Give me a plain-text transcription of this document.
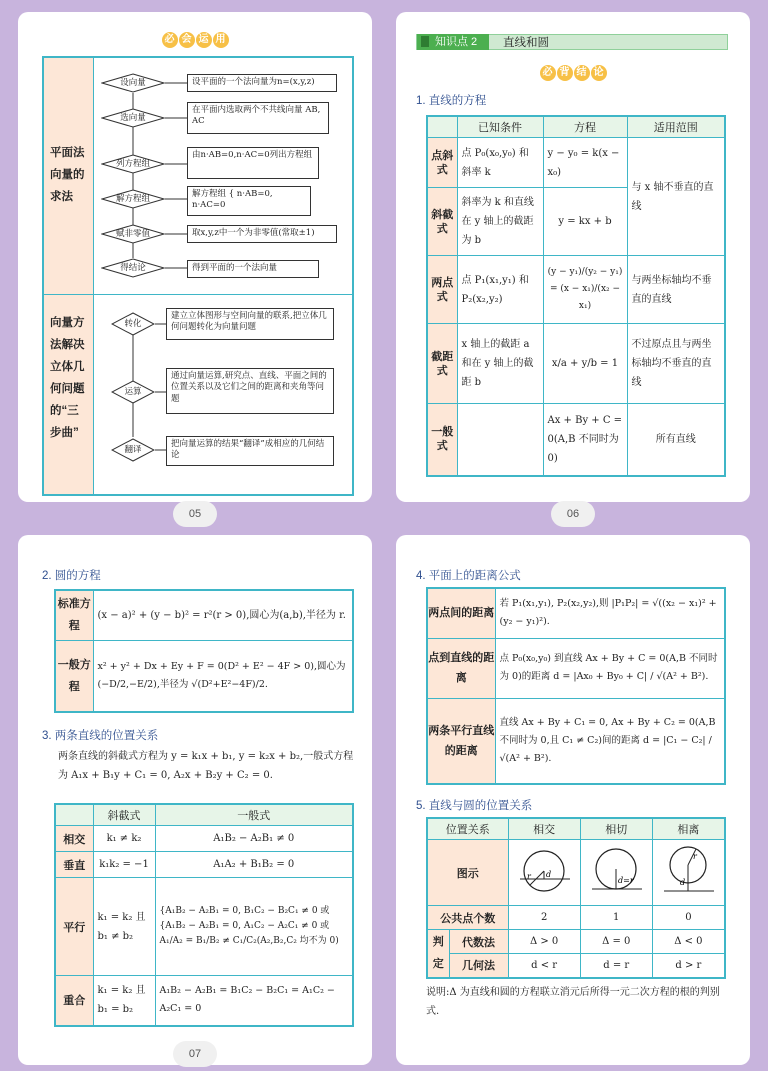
必 会 运 用
平面法向量的求法
向量方法解决立体几何问题的“三步曲”
设向量
选向量
列方程组
解方程组
赋非零值
得结论
设平面的一个法向量为n=(x,y,z)
在平面内选取两个不共线向量 AB, AC
由n·AB=0,n·AC=0列出方程组
解方程组 { n·AB=0, n·AC=0
取x,y,z中一个为非零值(常取±1)
得到平面的一个法向量
转化
运算
翻译
建立立体图形与空间向量的联系,把立体几何问题转化为向量问题
通过向量运算,研究点、直线、平面之间的位置关系以及它们之间的距离和夹角等问题
把向量运算的结果“翻译”成相应的几何结论
05
知识点 2	直线和圆
必 背 结 论
1. 直线的方程
	已知条件	方程	适用范围
点斜式	点 P₀(x₀,y₀) 和斜率 k	y − y₀ = k(x − x₀)	与 x 轴不垂直的直线
斜截式	斜率为 k 和直线在 y 轴上的截距为 b	y = kx + b	
两点式	点 P₁(x₁,y₁) 和 P₂(x₂,y₂)	(y − y₁)/(y₂ − y₁) = (x − x₁)/(x₂ − x₁)	与两坐标轴均不垂直的直线
截距式	x 轴上的截距 a 和在 y 轴上的截距 b	x/a + y/b = 1	不过原点且与两坐标轴均不垂直的直线
一般式		Ax + By + C = 0(A,B 不同时为 0)	所有直线
06
2. 圆的方程
标准方程	(x − a)² + (y − b)² = r²(r > 0),圆心为(a,b),半径为 r.
一般方程	x² + y² + Dx + Ey + F = 0(D² + E² − 4F > 0),圆心为(−D/2,−E/2),半径为 √(D²+E²−4F)/2.
3. 两条直线的位置关系
两条直线的斜截式方程为 y = k₁x + b₁, y = k₂x + b₂,一般式方程为 A₁x + B₁y + C₁ = 0, A₂x + B₂y + C₂ = 0.
	斜截式	一般式
相交	k₁ ≠ k₂	A₁B₂ − A₂B₁ ≠ 0
垂直	k₁k₂ = −1	A₁A₂ + B₁B₂ = 0
平行	k₁ = k₂ 且 b₁ ≠ b₂	{A₁B₂ − A₂B₁ = 0, B₁C₂ − B₂C₁ ≠ 0 或 {A₁B₂ − A₂B₁ = 0, A₁C₂ − A₂C₁ ≠ 0 或 A₁/A₂ = B₁/B₂ ≠ C₁/C₂(A₂,B₂,C₂ 均不为 0)
重合	k₁ = k₂ 且 b₁ = b₂	A₁B₂ − A₂B₁ = B₁C₂ − B₂C₁ = A₁C₂ − A₂C₁ = 0
07
4. 平面上的距离公式
两点间的距离	若 P₁(x₁,y₁), P₂(x₂,y₂),则 |P₁P₂| = √((x₂ − x₁)² + (y₂ − y₁)²).
点到直线的距离	点 P₀(x₀,y₀) 到直线 Ax + By + C = 0(A,B 不同时为 0)的距离 d = |Ax₀ + By₀ + C| / √(A² + B²).
两条平行直线的距离	直线 Ax + By + C₁ = 0, Ax + By + C₂ = 0(A,B 不同时为 0,且 C₁ ≠ C₂)间的距离 d = |C₁ − C₂| / √(A² + B²).
5. 直线与圆的位置关系
位置关系		相交	相切	相离
图示		r d	d=r	d
r

公共点个数		2	1	0
判定	代数法	Δ > 0	Δ = 0	Δ < 0
	几何法	d < r	d = r	d > r
说明:Δ 为直线和圆的方程联立消元后所得一元二次方程的根的判别式.
